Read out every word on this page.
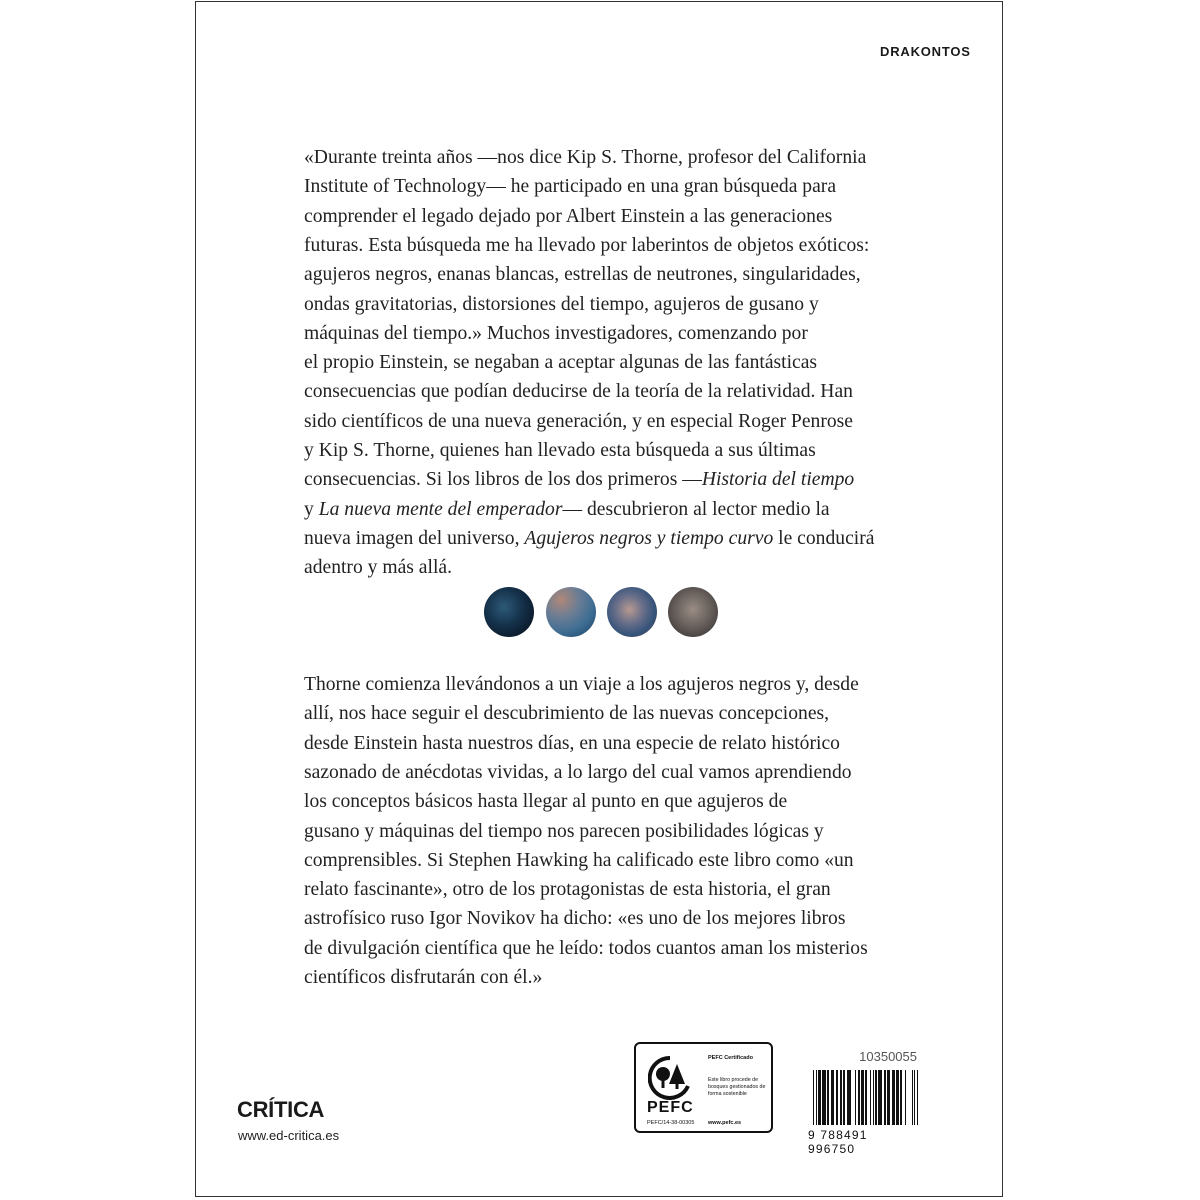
DRAKONTOS
«Durante treinta años —nos dice Kip S. Thorne, profesor del California
Institute of Technology— he participado en una gran búsqueda para
comprender el legado dejado por Albert Einstein a las generaciones
futuras. Esta búsqueda me ha llevado por laberintos de objetos exóticos:
agujeros negros, enanas blancas, estrellas de neutrones, singularidades,
ondas gravitatorias, distorsiones del tiempo, agujeros de gusano y
máquinas del tiempo.» Muchos investigadores, comenzando por
el propio Einstein, se negaban a aceptar algunas de las fantásticas
consecuencias que podían deducirse de la teoría de la relatividad. Han
sido científicos de una nueva generación, y en especial Roger Penrose
y Kip S. Thorne, quienes han llevado esta búsqueda a sus últimas
consecuencias. Si los libros de los dos primeros —Historia del tiempo
y La nueva mente del emperador— descubrieron al lector medio la
nueva imagen del universo, Agujeros negros y tiempo curvo le conducirá
adentro y más allá.
Thorne comienza llevándonos a un viaje a los agujeros negros y, desde
allí, nos hace seguir el descubrimiento de las nuevas concepciones,
desde Einstein hasta nuestros días, en una especie de relato histórico
sazonado de anécdotas vividas, a lo largo del cual vamos aprendiendo
los conceptos básicos hasta llegar al punto en que agujeros de
gusano y máquinas del tiempo nos parecen posibilidades lógicas y
comprensibles. Si Stephen Hawking ha calificado este libro como «un
relato fascinante», otro de los protagonistas de esta historia, el gran
astrofísico ruso Igor Novikov ha dicho: «es uno de los mejores libros
de divulgación científica que he leído: todos cuantos aman los misterios
científicos disfrutarán con él.»
CRÍTICA
www.ed-critica.es
PEFC
PEFC/14-38-00305
PEFC Certificado
Este libro procede de bosques gestionados de forma sostenible
www.pefc.es
10350055
9 788491 996750
